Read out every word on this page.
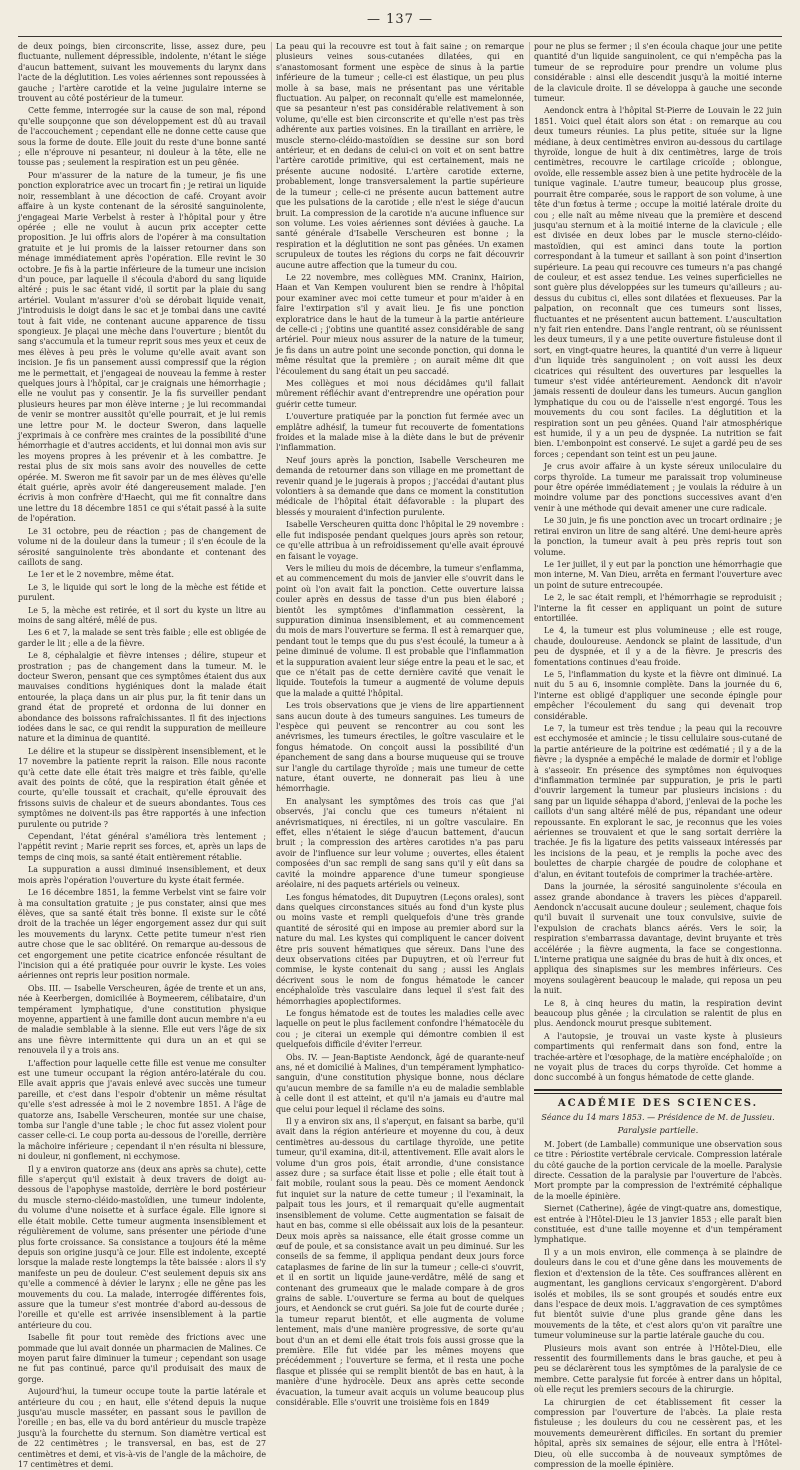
— 137 —

de deux poings, bien circonscrite, lisse, assez dure, peu fluctuante, nullement dépressible, indolente, n'étant le siége d'aucun battement, suivant les mouvements du larynx dans l'acte de la déglutition. Les voies aériennes sont repoussées à gauche ; l'artère carotide et la veine jugulaire interne se trouvent au côté postérieur de la tumeur.

Cette femme, interrogée sur la cause de son mal, répond qu'elle soupçonne que son développement est dû au travail de l'accouchement ; cependant elle ne donne cette cause que sous la forme de doute. Elle jouit du reste d'une bonne santé ; elle n'éprouve ni pesanteur, ni douleur à la tête, elle ne tousse pas ; seulement la respiration est un peu gênée.

Pour m'assurer de la nature de la tumeur, je fis une ponction exploratrice avec un trocart fin ; je retirai un liquide noir, ressemblant à une décoction de café. Croyant avoir affaire à un kyste contenant de la sérosité sanguinolente, j'engageai Marie Verbelst à rester à l'hôpital pour y être opérée ; elle ne voulut à aucun prix accepter cette proposition. Je lui offris alors de l'opérer à ma consultation gratuite et je lui promis de la laisser retourner dans son ménage immédiatement après l'opération. Elle revint le 30 octobre. Je fis à la partie inférieure de la tumeur une incision d'un pouce, par laquelle il s'écoula d'abord du sang liquide altéré ; puis le sac étant vidé, il sortit par la plaie du sang artériel. Voulant m'assurer d'où se dérobait liquide venait, j'introduisis le doigt dans le sac et je tombai dans une cavité tout à fait vide, ne contenant aucune apparence de tissu spongieux. Je plaçai une mèche dans l'ouverture ; bientôt du sang s'accumula et la tumeur reprit sous mes yeux et ceux de mes élèves à peu près le volume qu'elle avait avant son incision. Je fis un pansement aussi compressif que la région me le permettait, et j'engageai de nouveau la femme à rester quelques jours à l'hôpital, car je craignais une hémorrhagie ; elle ne voulut pas y consentir. Je la fis surveiller pendant plusieurs heures par mon élève interne ; je lui recommandai de venir se montrer aussitôt qu'elle pourrait, et je lui remis une lettre pour M. le docteur Sweron, dans laquelle j'exprimais à ce confrère mes craintes de la possibilité d'une hémorrhagie et d'autres accidents, et lui donnai mon avis sur les moyens propres à les prévenir et à les combattre. Je restai plus de six mois sans avoir des nouvelles de cette opérée. M. Sweron me fit savoir par un de mes élèves qu'elle était guérie, après avoir été dangereusement malade. J'en écrivis à mon confrère d'Haecht, qui me fit connaître dans une lettre du 18 décembre 1851 ce qui s'était passé à la suite de l'opération.

Le 31 octobre, peu de réaction ; pas de changement de volume ni de la douleur dans la tumeur ; il s'en écoule de la sérosité sanguinolente très abondante et contenant des caillots de sang.

Le 1er et le 2 novembre, même état.

Le 3, le liquide qui sort le long de la mèche est fétide et purulent.

Le 5, la mèche est retirée, et il sort du kyste un litre au moins de sang altéré, mêlé de pus.

Les 6 et 7, la malade se sent très faible ; elle est obligée de garder le lit ; elle a de la fièvre.

Le 8, céphalalgie et fièvre intenses ; délire, stupeur et prostration ; pas de changement dans la tumeur. M. le docteur Sweron, pensant que ces symptômes étaient dus aux mauvaises conditions hygiéniques dont la malade était entourée, la plaça dans un air plus pur, la fit tenir dans un grand état de propreté et ordonna de lui donner en abondance des boissons rafraîchissantes. Il fit des injections iodées dans le sac, ce qui rendit la suppuration de meilleure nature et la diminua de quantité.

Le délire et la stupeur se dissipèrent insensiblement, et le 17 novembre la patiente reprit la raison. Elle nous raconte qu'à cette date elle était très maigre et très faible, qu'elle avait des points de côté, que la respiration était gênée et courte, qu'elle toussait et crachait, qu'elle éprouvait des frissons suivis de chaleur et de sueurs abondantes. Tous ces symptômes ne doivent-ils pas être rapportés à une infection purulente ou putride ?

Cependant, l'état général s'améliora très lentement ; l'appétit revint ; Marie reprit ses forces, et, après un laps de temps de cinq mois, sa santé était entièrement rétablie.

La suppuration a aussi diminué insensiblement, et deux mois après l'opération l'ouverture du kyste était fermée.

Le 16 décembre 1851, la femme Verbelst vint se faire voir à ma consultation gratuite ; je pus constater, ainsi que mes élèves, que sa santé était très bonne. Il existe sur le côté droit de la trachée un léger engorgement assez dur qui suit les mouvements du larynx. Cette petite tumeur n'est rien autre chose que le sac oblitéré. On remarque au-dessous de cet engorgement une petite cicatrice enfoncée résultant de l'incision qui a été pratiquée pour ouvrir le kyste. Les voies aériennes ont repris leur position normale.

Obs. III. — Isabelle Verscheuren, âgée de trente et un ans, née à Keerbergen, domiciliée à Boymeerem, célibataire, d'un tempérament lymphatique, d'une constitution physique moyenne, appartient à une famille dont aucun membre n'a eu de maladie semblable à la sienne. Elle eut vers l'âge de six ans une fièvre intermittente qui dura un an et qui se renouvela il y a trois ans.

L'affection pour laquelle cette fille est venue me consulter est une tumeur occupant la région antéro-latérale du cou. Elle avait appris que j'avais enlevé avec succès une tumeur pareille, et c'est dans l'espoir d'obtenir un même résultat qu'elle s'est adressée à moi le 2 novembre 1851. A l'âge de quatorze ans, Isabelle Verscheuren, montée sur une chaise, tomba sur l'angle d'une table ; le choc fut assez violent pour casser celle-ci. Le coup porta au-dessous de l'oreille, derrière la mâchoire inférieure ; cependant il n'en résulta ni blessure, ni douleur, ni gonflement, ni ecchymose.

Il y a environ quatorze ans (deux ans après sa chute), cette fille s'aperçut qu'il existait à deux travers de doigt au-dessous de l'apophyse mastoïde, derrière le bord postérieur du muscle sterno-cléido-mastoïdien, une tumeur indolente, du volume d'une noisette et à surface égale. Elle ignore si elle était mobile. Cette tumeur augmenta insensiblement et régulièrement de volume, sans présenter une période d'une plus forte croissance. Sa consistance a toujours été la même depuis son origine jusqu'à ce jour. Elle est indolente, excepté lorsque la malade reste longtemps la tête baissée : alors il s'y manifeste un peu de douleur. C'est seulement depuis six ans qu'elle a commencé à dévier le larynx ; elle ne gêne pas les mouvements du cou. La malade, interrogée différentes fois, assure que la tumeur s'est montrée d'abord au-dessous de l'oreille et qu'elle est arrivée insensiblement à la partie antérieure du cou.

Isabelle fit pour tout remède des frictions avec une pommade que lui avait donnée un pharmacien de Malines. Ce moyen parut faire diminuer la tumeur ; cependant son usage ne fut pas continué, parce qu'il produisait des maux de gorge.

Aujourd'hui, la tumeur occupe toute la partie latérale et antérieure du cou ; en haut, elle s'étend depuis la nuque jusqu'au muscle masséter, en passant sous le pavillon de l'oreille ; en bas, elle va du bord antérieur du muscle trapèze jusqu'à la fourchette du sternum. Son diamètre vertical est de 22 centimètres ; le transversal, en bas, est de 27 centimètres et demi, et vis-à-vis de l'angle de la mâchoire, de 17 centimètres et demi.

La peau qui la recouvre est tout à fait saine ; on remarque plusieurs veines sous-cutanées dilatées, qui en s'anastomosant forment une espèce de sinus à la partie inférieure de la tumeur ; celle-ci est élastique, un peu plus molle à sa base, mais ne présentant pas une véritable fluctuation. Au palper, on reconnaît qu'elle est mamelonnée, que sa pesanteur n'est pas considérable relativement à son volume, qu'elle est bien circonscrite et qu'elle n'est pas très adhérente aux parties voisines. En la tiraillant en arrière, le muscle sterno-cléido-mastoïdien se dessine sur son bord antérieur, et en dedans de celui-ci on voit et on sent battre l'artère carotide primitive, qui est certainement, mais ne présente aucune nodosité. L'artère carotide externe, probablement, longe transversalement la partie supérieure de la tumeur ; celle-ci ne présente aucun battement autre que les pulsations de la carotide ; elle n'est le siége d'aucun bruit. La compression de la carotide n'a aucune influence sur son volume. Les voies aériennes sont déviées à gauche. La santé générale d'Isabelle Verscheuren est bonne ; la respiration et la déglutition ne sont pas gênées. Un examen scrupuleux de toutes les régions du corps ne fait découvrir aucune autre affection que la tumeur du cou.

Le 22 novembre, mes collègues MM. Craninx, Hairion, Haan et Van Kempen voulurent bien se rendre à l'hôpital pour examiner avec moi cette tumeur et pour m'aider à en faire l'extirpation s'il y avait lieu. Je fis une ponction exploratrice dans le haut de la tumeur à la partie antérieure de celle-ci ; j'obtins une quantité assez considérable de sang artériel. Pour mieux nous assurer de la nature de la tumeur, je fis dans un autre point une seconde ponction, qui donna le même résultat que la première ; on aurait même dit que l'écoulement du sang était un peu saccadé.

Mes collègues et moi nous décidâmes qu'il fallait mûrement réfléchir avant d'entreprendre une opération pour guérir cette tumeur.

L'ouverture pratiquée par la ponction fut fermée avec un emplâtre adhésif, la tumeur fut recouverte de fomentations froides et la malade mise à la diète dans le but de prévenir l'inflammation.

Neuf jours après la ponction, Isabelle Verscheuren me demanda de retourner dans son village en me promettant de revenir quand je le jugerais à propos ; j'accédai d'autant plus volontiers à sa demande que dans ce moment la constitution médicale de l'hôpital était défavorable : la plupart des blessés y mouraient d'infection purulente.

Isabelle Verscheuren quitta donc l'hôpital le 29 novembre : elle fut indisposée pendant quelques jours après son retour, ce qu'elle attribua à un refroidissement qu'elle avait éprouvé en faisant le voyage.

Vers le milieu du mois de décembre, la tumeur s'enflamma, et au commencement du mois de janvier elle s'ouvrit dans le point où l'on avait fait la ponction. Cette ouverture laissa couler après en dessus de tasse d'un pus bien élaboré ; bientôt les symptômes d'inflammation cessèrent, la suppuration diminua insensiblement, et au commencement du mois de mars l'ouverture se ferma. Il est à remarquer que, pendant tout le temps que du pus s'est écoulé, la tumeur a à peine diminué de volume. Il est probable que l'inflammation et la suppuration avaient leur siége entre la peau et le sac, et que ce n'était pas de cette dernière cavité que venait le liquide. Toutefois la tumeur a augmenté de volume depuis que la malade a quitté l'hôpital.

Les trois observations que je viens de lire appartiennent sans aucun doute à des tumeurs sanguines. Les tumeurs de l'espèce qui peuvent se rencontrer au cou sont les anévrismes, les tumeurs érectiles, le goître vasculaire et le fongus hématode. On conçoit aussi la possibilité d'un épanchement de sang dans a bourse muqueuse qui se trouve sur l'angle du cartilage thyroïde ; mais une tumeur de cette nature, étant ouverte, ne donnerait pas lieu à une hémorrhagie.

En analysant les symptômes des trois cas que j'ai observés, j'ai conclu que ces tumeurs n'étaient ni anévrismatiques, ni érectiles, ni un goître vasculaire. En effet, elles n'étaient le siége d'aucun battement, d'aucun bruit ; la compression des artères carotides n'a pas paru avoir de l'influence sur leur volume ; ouvertes, elles étaient composées d'un sac rempli de sang sans qu'il y eût dans sa cavité la moindre apparence d'une tumeur spongieuse aréolaire, ni des paquets artériels ou veineux.

Les fongus hématodes, dit Dupuytren (Leçons orales), sont dans quelques circonstances situés au fond d'un kyste plus ou moins vaste et rempli quelquefois d'une très grande quantité de sérosité qui en impose au premier abord sur la nature du mal. Les kystes qui compliquent le cancer doivent être pris souvent hématiques que séreux. Dans l'une des deux observations citées par Dupuytren, et où l'erreur fut commise, le kyste contenait du sang ; aussi les Anglais décrivent sous le nom de fongus hématode le cancer encéphaloïde très vasculaire dans lequel il s'est fait des hémorrhagies apoplectiformes.

Le fongus hématode est de toutes les maladies celle avec laquelle on peut le plus facilement confondre l'hématocèle du cou ; je citerai un exemple qui démontre combien il est quelquefois difficile d'éviter l'erreur.

Obs. IV. — Jean-Baptiste Aendonck, âgé de quarante-neuf ans, né et domicilié à Malines, d'un tempérament lymphatico-sanguin, d'une constitution physique bonne, nous déclare qu'aucun membre de sa famille n'a eu de maladie semblable à celle dont il est atteint, et qu'il n'a jamais eu d'autre mal que celui pour lequel il réclame des soins.

Il y a environ six ans, il s'aperçut, en faisant sa barbe, qu'il avait dans la région antérieure et moyenne du cou, à deux centimètres au-dessous du cartilage thyroïde, une petite tumeur, qu'il examina, dit-il, attentivement. Elle avait alors le volume d'un gros pois, était arrondie, d'une consistance assez dure ; sa surface était lisse et polie ; elle était tout à fait mobile, roulant sous la peau. Dès ce moment Aendonck fut inquiet sur la nature de cette tumeur ; il l'examinait, la palpait tous les jours, et il remarquait qu'elle augmentait insensiblement de volume. Cette augmentation se faisait de haut en bas, comme si elle obéissait aux lois de la pesanteur. Deux mois après sa naissance, elle était grosse comme un œuf de poule, et sa consistance avait un peu diminué. Sur les conseils de sa femme, il appliqua pendant deux jours force cataplasmes de farine de lin sur la tumeur ; celle-ci s'ouvrit, et il en sortit un liquide jaune-verdâtre, mêlé de sang et contenant des grumeaux que le malade compare à de gros grains de sable. L'ouverture se ferma au bout de quelques jours, et Aendonck se crut guéri. Sa joie fut de courte durée ; la tumeur reparut bientôt, et elle augmenta de volume lentement, mais d'une manière progressive, de sorte qu'au bout d'un an et demi elle était trois fois aussi grosse que la première. Elle fut vidée par les mêmes moyens que précédemment ; l'ouverture se ferma, et il resta une poche flasque et plissée qui se remplit bientôt de bas en haut, à la manière d'une hydrocèle. Deux ans après cette seconde évacuation, la tumeur avait acquis un volume beaucoup plus considérable. Elle s'ouvrit une troisième fois en 1849

pour ne plus se fermer ; il s'en écoula chaque jour une petite quantité d'un liquide sanguinolent, ce qui n'empêcha pas la tumeur de se reproduire pour prendre un volume plus considérable : ainsi elle descendit jusqu'à la moitié interne de la clavicule droite. Il se développa à gauche une seconde tumeur.

Aendonck entra à l'hôpital St-Pierre de Louvain le 22 juin 1851. Voici quel était alors son état : on remarque au cou deux tumeurs réunies. La plus petite, située sur la ligne médiane, à deux centimètres environ au-dessous du cartilage thyroïde, longue de huit à dix centimètres, large de trois centimètres, recouvre le cartilage cricoïde ; oblongue, ovoïde, elle ressemble assez bien à une petite hydrocèle de la tunique vaginale. L'autre tumeur, beaucoup plus grosse, pourrait être comparée, sous le rapport de son volume, à une tête d'un fœtus à terme ; occupe la moitié latérale droite du cou ; elle naît au même niveau que la première et descend jusqu'au sternum et à la moitié interne de la clavicule ; elle est divisée en deux lobes par le muscle sterno-cléido-mastoïdien, qui est aminci dans toute la portion correspondant à la tumeur et saillant à son point d'insertion supérieure. La peau qui recouvre ces tumeurs n'a pas changé de couleur, et est assez tendue. Les veines superficielles ne sont guère plus développées sur les tumeurs qu'ailleurs ; au-dessus du cubitus ci, elles sont dilatées et flexueuses. Par la palpation, on reconnaît que ces tumeurs sont lisses, fluctuantes et ne présentent aucun battement. L'auscultation n'y fait rien entendre. Dans l'angle rentrant, où se réunissent les deux tumeurs, il y a une petite ouverture fistuleuse dont il sort, en vingt-quatre heures, la quantité d'un verre à liqueur d'un liquide très sanguinolent ; on voit aussi les deux cicatrices qui résultent des ouvertures par lesquelles la tumeur s'est vidée antérieurement. Aendonck dit n'avoir jamais ressenti de douleur dans les tumeurs. Aucun ganglion lymphatique du cou ou de l'aisselle n'est engorgé. Tous les mouvements du cou sont faciles. La déglutition et la respiration sont un peu gênées. Quand l'air atmosphérique est humide, il y a un peu de dyspnée. La nutrition se fait bien. L'embonpoint est conservé. Le sujet a gardé peu de ses forces ; cependant son teint est un peu jaune.

Je crus avoir affaire à un kyste séreux uniloculaire du corps thyroïde. La tumeur me paraissait trop volumineuse pour être opérée immédiatement ; je voulais la réduire à un moindre volume par des ponctions successives avant d'en venir à une méthode qui devait amener une cure radicale.

Le 30 juin, je fis une ponction avec un trocart ordinaire ; je retirai environ un litre de sang altéré. Une demi-heure après la ponction, la tumeur avait à peu près repris tout son volume.

Le 1er juillet, il y eut par la ponction une hémorrhagie que mon interne, M. Van Dieu, arrêta en fermant l'ouverture avec un point de suture entrecoupée.

Le 2, le sac était rempli, et l'hémorrhagie se reproduisit ; l'interne la fit cesser en appliquant un point de suture entortillée.

Le 4, la tumeur est plus volumineuse ; elle est rouge, chaude, douloureuse. Aendonck se plaint de lassitude, d'un peu de dyspnée, et il y a de la fièvre. Je prescris des fomentations continues d'eau froide.

Le 5, l'inflammation du kyste et la fièvre ont diminué. La nuit du 5 au 6, insomnie complète. Dans la journée du 6, l'interne est obligé d'appliquer une seconde épingle pour empêcher l'écoulement du sang qui devenait trop considérable.

Le 7, la tumeur est très tendue ; la peau qui la recouvre est ecchymosée et amincie ; le tissu cellulaire sous-cutané de la partie antérieure de la poitrine est œdématié ; il y a de la fièvre ; la dyspnée a empêché le malade de dormir et l'oblige à s'asseoir. En présence des symptômes non équivoques d'inflammation terminée par suppuration, je pris le parti d'ouvrir largement la tumeur par plusieurs incisions : du sang par un liquide séhappa d'abord, j'enlevai de la poche les caillots d'un sang altéré mêlé de pus, répandant une odeur repoussante. En explorant le sac, je reconnus que les voies aériennes se trouvaient et que le sang sortait derrière la trachée. Je fis la ligature des petits vaisseaux intéressés par les incisions de la peau, et je remplis la poche avec des boulettes de charpie chargée de poudre de colophane et d'alun, en évitant toutefois de comprimer la trachée-artère.

Dans la journée, la sérosité sanguinolente s'écoula en assez grande abondance à travers les pièces d'appareil. Aendonck n'accusait aucune douleur ; seulement, chaque fois qu'il buvait il survenait une toux convulsive, suivie de l'expulsion de crachats blancs aérés. Vers le soir, la respiration s'embarrassa davantage, devint bruyante et très accélérée ; la fièvre augmenta, la face se congestionna. L'interne pratiqua une saignée du bras de huit à dix onces, et appliqua des sinapismes sur les membres inférieurs. Ces moyens soulagèrent beaucoup le malade, qui reposa un peu la nuit.

Le 8, à cinq heures du matin, la respiration devint beaucoup plus gênée ; la circulation se ralentit de plus en plus. Aendonck mourut presque subitement.

A l'autopsie, je trouvai un vaste kyste à plusieurs compartiments qui renfermait dans son fond, entre la trachée-artère et l'œsophage, de la matière encéphaloïde ; on ne voyait plus de traces du corps thyroïde. Cet homme a donc succombé à un fongus hématode de cette glande.

ACADÉMIE DES SCIENCES.
Séance du 14 mars 1853. — Présidence de M. de Jussieu.
Paralysie partielle.

M. Jobert (de Lamballe) communique une observation sous ce titre : Périostite vertébrale cervicale. Compression latérale du côté gauche de la portion cervicale de la moelle. Paralysie directe. Cessation de la paralysie par l'ouverture de l'abcès. Mort prompte par la compression de l'extrémité céphalique de la moelle épinière.

Siernet (Catherine), âgée de vingt-quatre ans, domestique, est entrée à l'Hôtel-Dieu le 13 janvier 1853 ; elle paraît bien constituée, est d'une taille moyenne et d'un tempérament lymphatique.

Il y a un mois environ, elle commença à se plaindre de douleurs dans le cou et d'une gêne dans les mouvements de flexion et d'extension de la tête. Ces souffrances allèrent en augmentant, les ganglions cervicaux s'engorgèrent. D'abord isolés et mobiles, ils se sont groupés et soudés entre eux dans l'espace de deux mois. L'aggravation de ces symptômes fut bientôt suivie d'une plus grande gêne dans les mouvements de la tête, et c'est alors qu'on vit paraître une tumeur volumineuse sur la partie latérale gauche du cou.

Plusieurs mois avant son entrée à l'Hôtel-Dieu, elle ressentit des fourmillements dans le bras gauche, et peu à peu se déclarèrent tous les symptômes de la paralysie de ce membre. Cette paralysie fut forcée à entrer dans un hôpital, où elle reçut les premiers secours de la chirurgie.

La chirurgien de cet établissement fit cesser la compression par l'ouverture de l'abcès. La plaie resta fistuleuse ; les douleurs du cou ne cessèrent pas, et les mouvements demeurèrent difficiles. En sortant du premier hôpital, après six semaines de séjour, elle entra à l'Hôtel-Dieu, où elle succomba à de nouveaux symptômes de compression de la moelle épinière.
